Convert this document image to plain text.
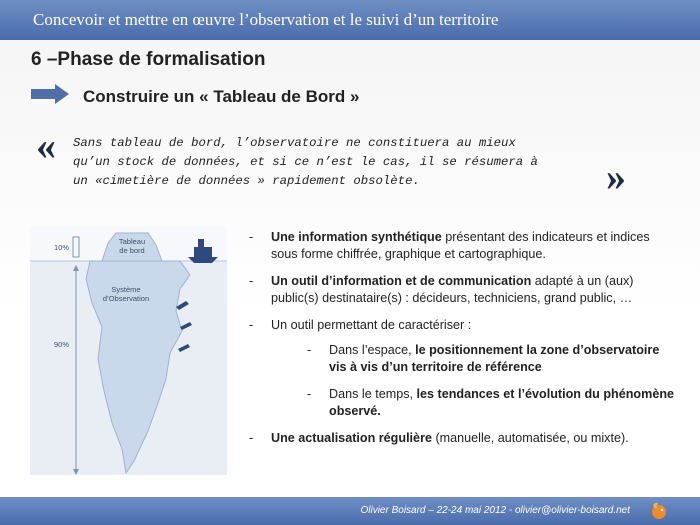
Concevoir et mettre en œuvre l’observation et le suivi d’un territoire
6 –Phase de formalisation
Construire un « Tableau de Bord »
« Sans tableau de bord, l’observatoire ne constituera au mieux

qu’un stock de données, et si ce n’est le cas, il se résumera à

un «cimetière de données » rapidement obsolète.	»
Tableau
de bord
Système
d’Observation
10%
90%
- Une information synthétique présentant des indicateurs et indices sous forme chiffrée, graphique et cartographique.
- Un outil d’information et de communication adapté à un (aux) public(s) destinataire(s) : décideurs, techniciens, grand public, …
- Un outil permettant de caractériser :
- Dans l’espace, le positionnement la zone d’observatoire vis à vis d’un territoire de référence
- Dans le temps, les tendances et l’évolution du phénomène observé.
- Une actualisation régulière (manuelle, automatisée, ou mixte).
Olivier Boisard – 22-24 mai 2012 - olivier@olivier-boisard.net
